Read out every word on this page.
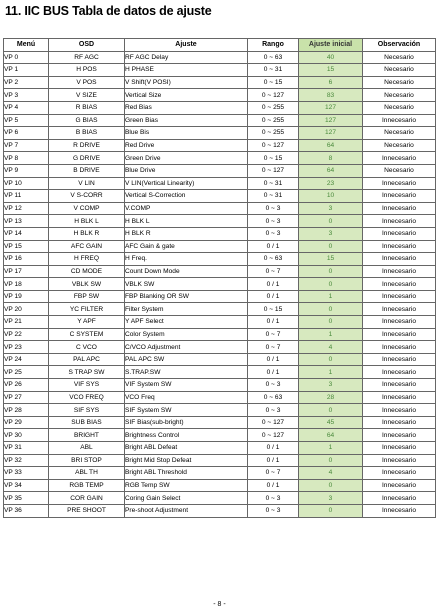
11. IIC BUS Tabla de datos de ajuste
Menú	OSD	Ajuste	Rango	Ajuste inicial	Observación
VP 0	RF AGC	RF AGC Delay	0 ~ 63	40	Necesario
VP 1	H POS	H PHASE	0 ~ 31	15	Necesario
VP 2	V POS	V Shift(V POSI)	0 ~ 15	6	Necesario
VP 3	V SIZE	Vertical Size	0 ~ 127	83	Necesario
VP 4	R BIAS	Red Bias	0 ~ 255	127	Necesario
VP 5	G BIAS	Green Bias	0 ~ 255	127	Innecesario
VP 6	B BIAS	Blue Bis	0 ~ 255	127	Necesario
VP 7	R DRIVE	Red Drive	0 ~ 127	64	Necesario
VP 8	G DRIVE	Green Drive	0 ~ 15	8	Innecesario
VP 9	B DRIVE	Blue Drive	0 ~ 127	64	Necesario
VP 10	V LIN	V LIN(Vertical Linearity)	0 ~ 31	23	Innecesario
VP 11	V S-CORR	Vertical S-Correction	0 ~ 31	10	Innecesario
VP 12	V COMP	V.COMP	0 ~ 3	3	Innecesario
VP 13	H BLK L	H BLK L	0 ~ 3	0	Innecesario
VP 14	H BLK R	H BLK R	0 ~ 3	3	Innecesario
VP 15	AFC GAIN	AFC Gain & gate	0 / 1	0	Innecesario
VP 16	H FREQ	H Freq.	0 ~ 63	15	Innecesario
VP 17	CD MODE	Count Down Mode	0 ~ 7	0	Innecesario
VP 18	VBLK SW	VBLK SW	0 / 1	0	Innecesario
VP 19	FBP SW	FBP Blanking OR SW	0 / 1	1	Innecesario
VP 20	YC FILTER	Filter System	0 ~ 15	0	Innecesario
VP 21	Y APF	Y APF Select	0 / 1	0	Innecesario
VP 22	C SYSTEM	Color System	0 ~ 7	1	Innecesario
VP 23	C VCO	C/VCO Adjustment	0 ~ 7	4	Innecesario
VP 24	PAL APC	PAL APC SW	0 / 1	0	Innecesario
VP 25	S TRAP SW	S.TRAP.SW	0 / 1	1	Innecesario
VP 26	VIF SYS	VIF System SW	0 ~ 3	3	Innecesario
VP 27	VCO FREQ	VCO Freq	0 ~ 63	28	Innecesario
VP 28	SIF SYS	SIF System SW	0 ~ 3	0	Innecesario
VP 29	SUB BIAS	SIF Bias(sub-bright)	0 ~ 127	45	Innecesario
VP 30	BRIGHT	Brightness Control	0 ~ 127	64	Innecesario
VP 31	ABL	Bright ABL Defeat	0 / 1	1	Innecesario
VP 32	BRI STOP	Bright Mid Stop Defeat	0 / 1	0	Innecesario
VP 33	ABL TH	Bright ABL Threshold	0 ~ 7	4	Innecesario
VP 34	RGB TEMP	RGB Temp SW	0 / 1	0	Innecesario
VP 35	COR GAIN	Coring Gain Select	0 ~ 3	3	Innecesario
VP 36	PRE SHOOT	Pre-shoot Adjustment	0 ~ 3	0	Innecesario
- 8 -
